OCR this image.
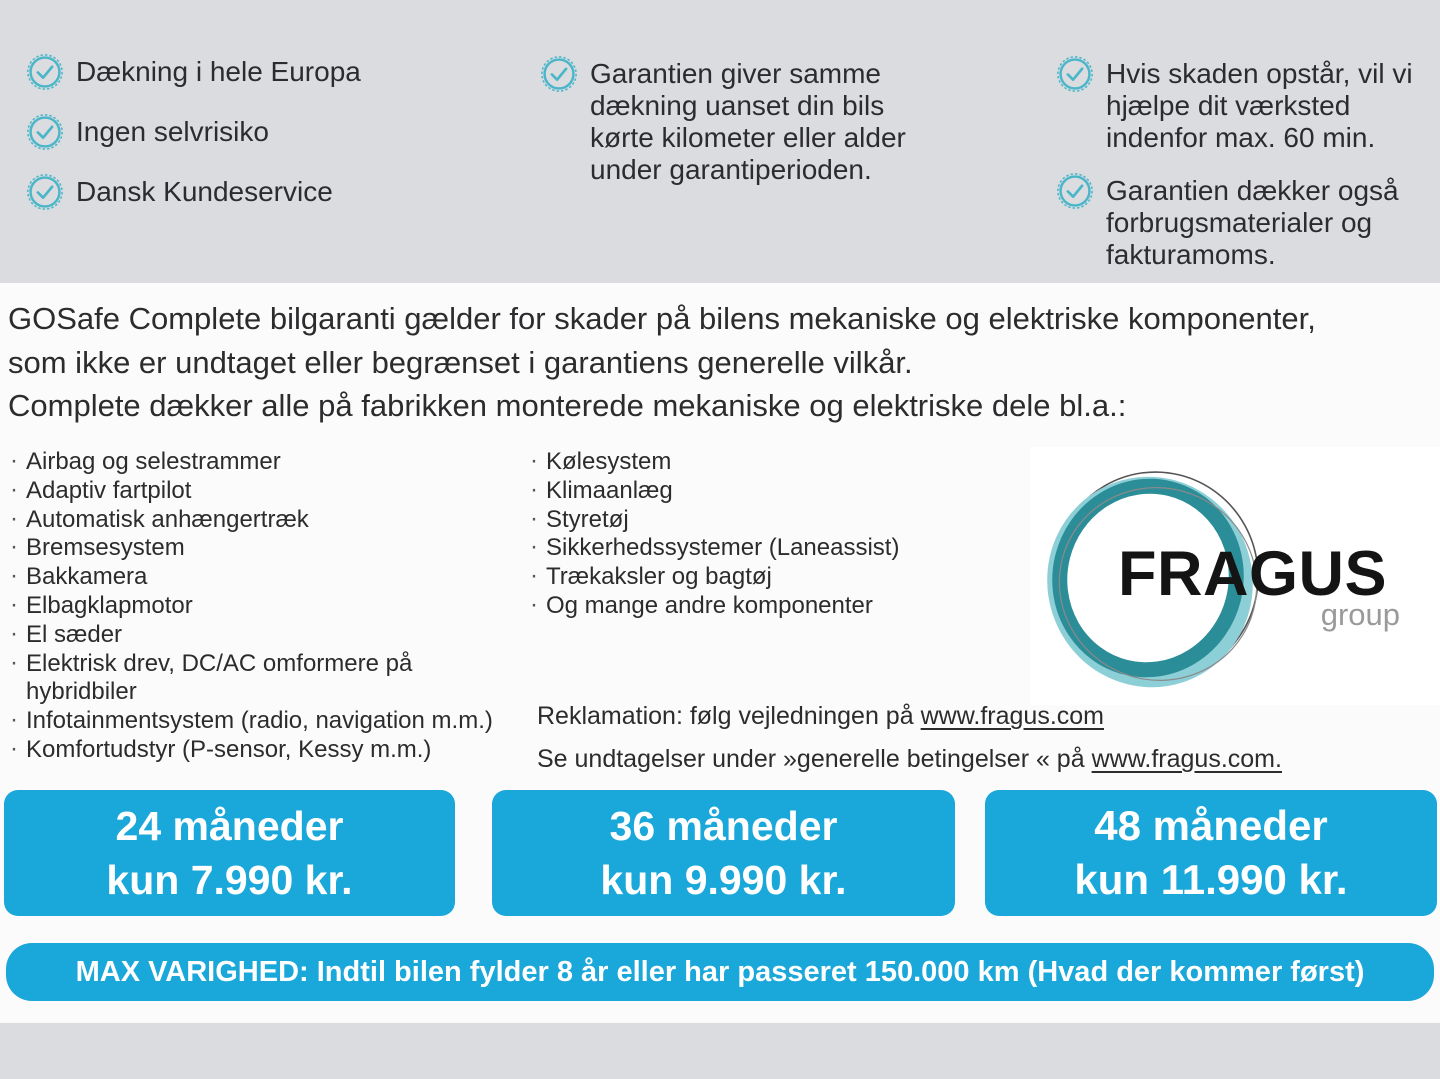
Dækning i hele Europa
Ingen selvrisiko
Dansk Kundeservice
Garantien giver samme dækning uanset din bils kørte kilometer eller alder under garantiperioden.
Hvis skaden opstår, vil vi hjælpe dit værksted indenfor max. 60 min.
Garantien dækker også forbrugsmaterialer og fakturamoms.
GOSafe Complete bilgaranti gælder for skader på bilens mekaniske og elektriske komponenter,
som ikke er undtaget eller begrænset i garantiens generelle vilkår.
Complete dækker alle på fabrikken monterede mekaniske og elektriske dele bl.a.:
· Airbag og selestrammer
· Adaptiv fartpilot
· Automatisk anhængertræk
· Bremsesystem
· Bakkamera
· Elbagklapmotor
· El sæder
· Elektrisk drev, DC/AC omformere på hybridbiler
· Infotainmentsystem (radio, navigation m.m.)
· Komfortudstyr (P-sensor, Kessy m.m.)
· Kølesystem
· Klimaanlæg
· Styretøj
· Sikkerhedssystemer (Laneassist)
· Trækaksler og bagtøj
· Og mange andre komponenter	FRAGUS
group
Reklamation: følg vejledningen på www.fragus.com
Se undtagelser under »generelle betingelser « på www.fragus.com.
24 måneder
kun 7.990 kr.
36 måneder
kun 9.990 kr.
48 måneder
kun 11.990 kr.
MAX VARIGHED: Indtil bilen fylder 8 år eller har passeret 150.000 km (Hvad der kommer først)
